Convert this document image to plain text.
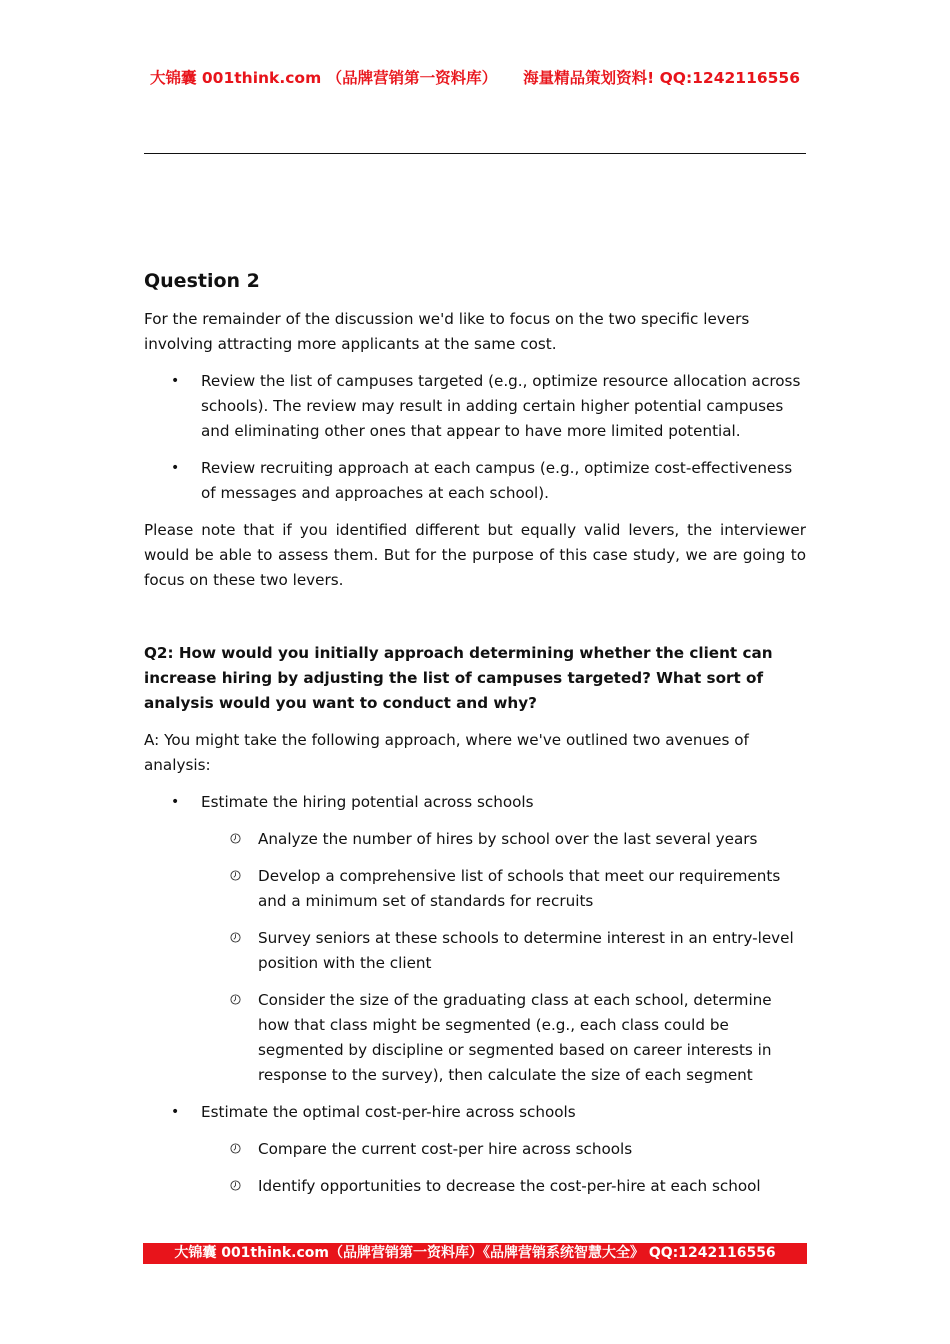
大锦囊 001think.com （品牌营销第一资料库） 海量精品策划资料! QQ:1242116556
Question 2

For the remainder of the discussion we'd like to focus on the two specific levers involving attracting more applicants at the same cost.

• Review the list of campuses targeted (e.g., optimize resource allocation across schools). The review may result in adding certain higher potential campuses and eliminating other ones that appear to have more limited potential.
• Review recruiting approach at each campus (e.g., optimize cost-effectiveness of messages and approaches at each school).

Please note that if you identified different but equally valid levers, the interviewer would be able to assess them. But for the purpose of this case study, we are going to focus on these two levers.

Q2: How would you initially approach determining whether the client can increase hiring by adjusting the list of campuses targeted? What sort of analysis would you want to conduct and why?

A: You might take the following approach, where we've outlined two avenues of analysis:

• Estimate the hiring potential across schools
Analyze the number of hires by school over the last several years
Develop a comprehensive list of schools that meet our requirements and a minimum set of standards for recruits
Survey seniors at these schools to determine interest in an entry-level position with the client
Consider the size of the graduating class at each school, determine how that class might be segmented (e.g., each class could be segmented by discipline or segmented based on career interests in response to the survey), then calculate the size of each segment
• Estimate the optimal cost-per-hire across schools
Compare the current cost-per hire across schools
Identify opportunities to decrease the cost-per-hire at each school
大锦囊 001think.com（品牌营销第一资料库）《品牌营销系统智慧大全》 QQ:1242116556
